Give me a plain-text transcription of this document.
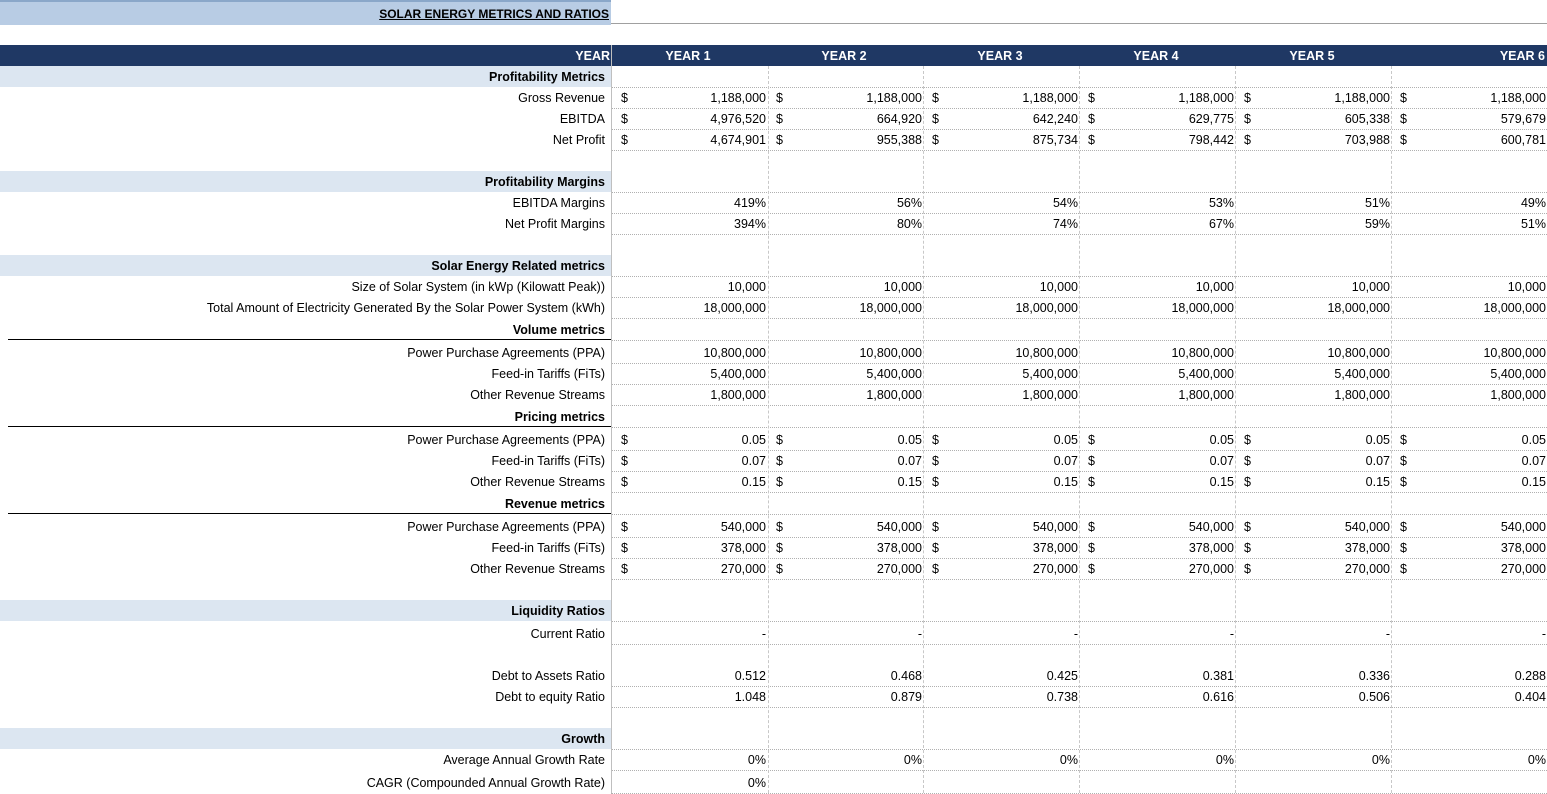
SOLAR ENERGY METRICS AND RATIOS
YEAR	YEAR 1	YEAR 2	YEAR 3	YEAR 4	YEAR 5	YEAR 6
Profitability Metrics
Gross Revenue $	1,188,000 $	1,188,000 $	1,188,000 $	1,188,000 $	1,188,000 $	1,188,000
EBITDA $	4,976,520 $	664,920 $	642,240 $	629,775 $	605,338 $	579,679
Net Profit $	4,674,901 $	955,388 $	875,734 $	798,442 $	703,988 $	600,781
Profitability Margins
EBITDA Margins	419%	56%	54%	53%	51%	49%
Net Profit Margins	394%	80%	74%	67%	59%	51%
Solar Energy Related metrics
Size of Solar System (in kWp (Kilowatt Peak))	10,000	10,000	10,000	10,000	10,000	10,000
Total Amount of Electricity Generated By the Solar Power System (kWh)	18,000,000	18,000,000	18,000,000	18,000,000	18,000,000	18,000,000
Volume metrics
Power Purchase Agreements (PPA)	10,800,000	10,800,000	10,800,000	10,800,000	10,800,000	10,800,000
Feed-in Tariffs (FiTs)	5,400,000	5,400,000	5,400,000	5,400,000	5,400,000	5,400,000
Other Revenue Streams	1,800,000	1,800,000	1,800,000	1,800,000	1,800,000	1,800,000
Pricing metrics
Power Purchase Agreements (PPA) $	0.05 $	0.05 $	0.05 $	0.05 $	0.05 $	0.05
Feed-in Tariffs (FiTs) $	0.07 $	0.07 $	0.07 $	0.07 $	0.07 $	0.07
Other Revenue Streams $	0.15 $	0.15 $	0.15 $	0.15 $	0.15 $	0.15
Revenue metrics
Power Purchase Agreements (PPA) $	540,000 $	540,000 $	540,000 $	540,000 $	540,000 $	540,000
Feed-in Tariffs (FiTs) $	378,000 $	378,000 $	378,000 $	378,000 $	378,000 $	378,000
Other Revenue Streams $	270,000 $	270,000 $	270,000 $	270,000 $	270,000 $	270,000
Liquidity Ratios
Current Ratio	-	-	-	-	-	-
Debt to Assets Ratio	0.512	0.468	0.425	0.381	0.336	0.288
Debt to equity Ratio	1.048	0.879	0.738	0.616	0.506	0.404
Growth
Average Annual Growth Rate	0%	0%	0%	0%	0%	0%
CAGR (Compounded Annual Growth Rate)	0%
